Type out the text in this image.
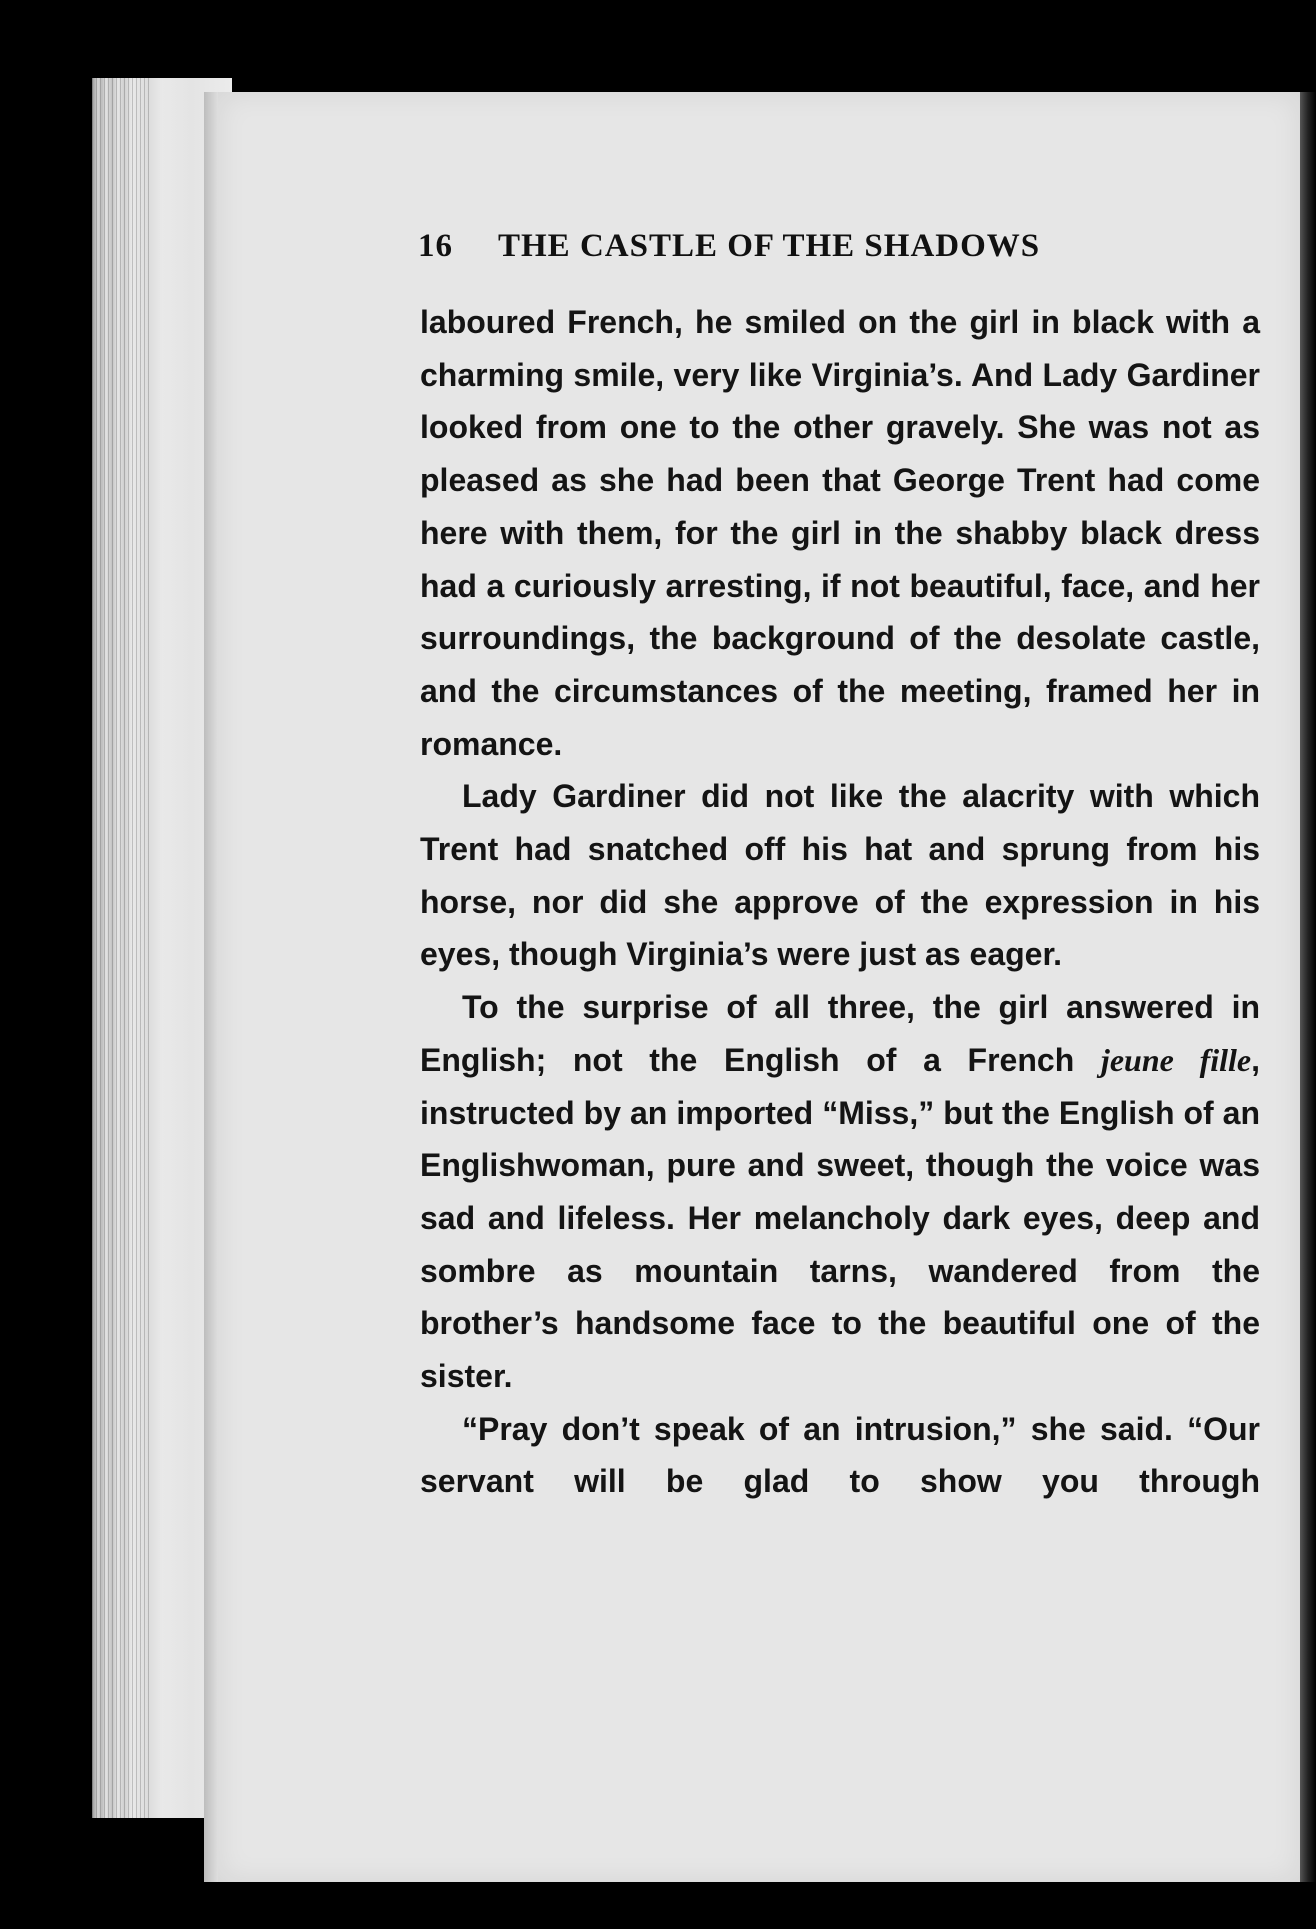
16 THE CASTLE OF THE SHADOWS

laboured French, he smiled on the girl in black with a charming smile, very like Virginia’s. And Lady Gardiner looked from one to the other gravely. She was not as pleased as she had been that George Trent had come here with them, for the girl in the shabby black dress had a curiously arresting, if not beautiful, face, and her surroundings, the background of the desolate castle, and the circumstances of the meeting, framed her in romance.

Lady Gardiner did not like the alacrity with which Trent had snatched off his hat and sprung from his horse, nor did she approve of the expression in his eyes, though Virginia’s were just as eager.

To the surprise of all three, the girl answered in English; not the English of a French jeune fille, instructed by an imported “Miss,” but the English of an Englishwoman, pure and sweet, though the voice was sad and lifeless. Her melancholy dark eyes, deep and sombre as mountain tarns, wandered from the brother’s handsome face to the beautiful one of the sister.

“Pray don’t speak of an intrusion,” she said. “Our servant will be glad to show you through
